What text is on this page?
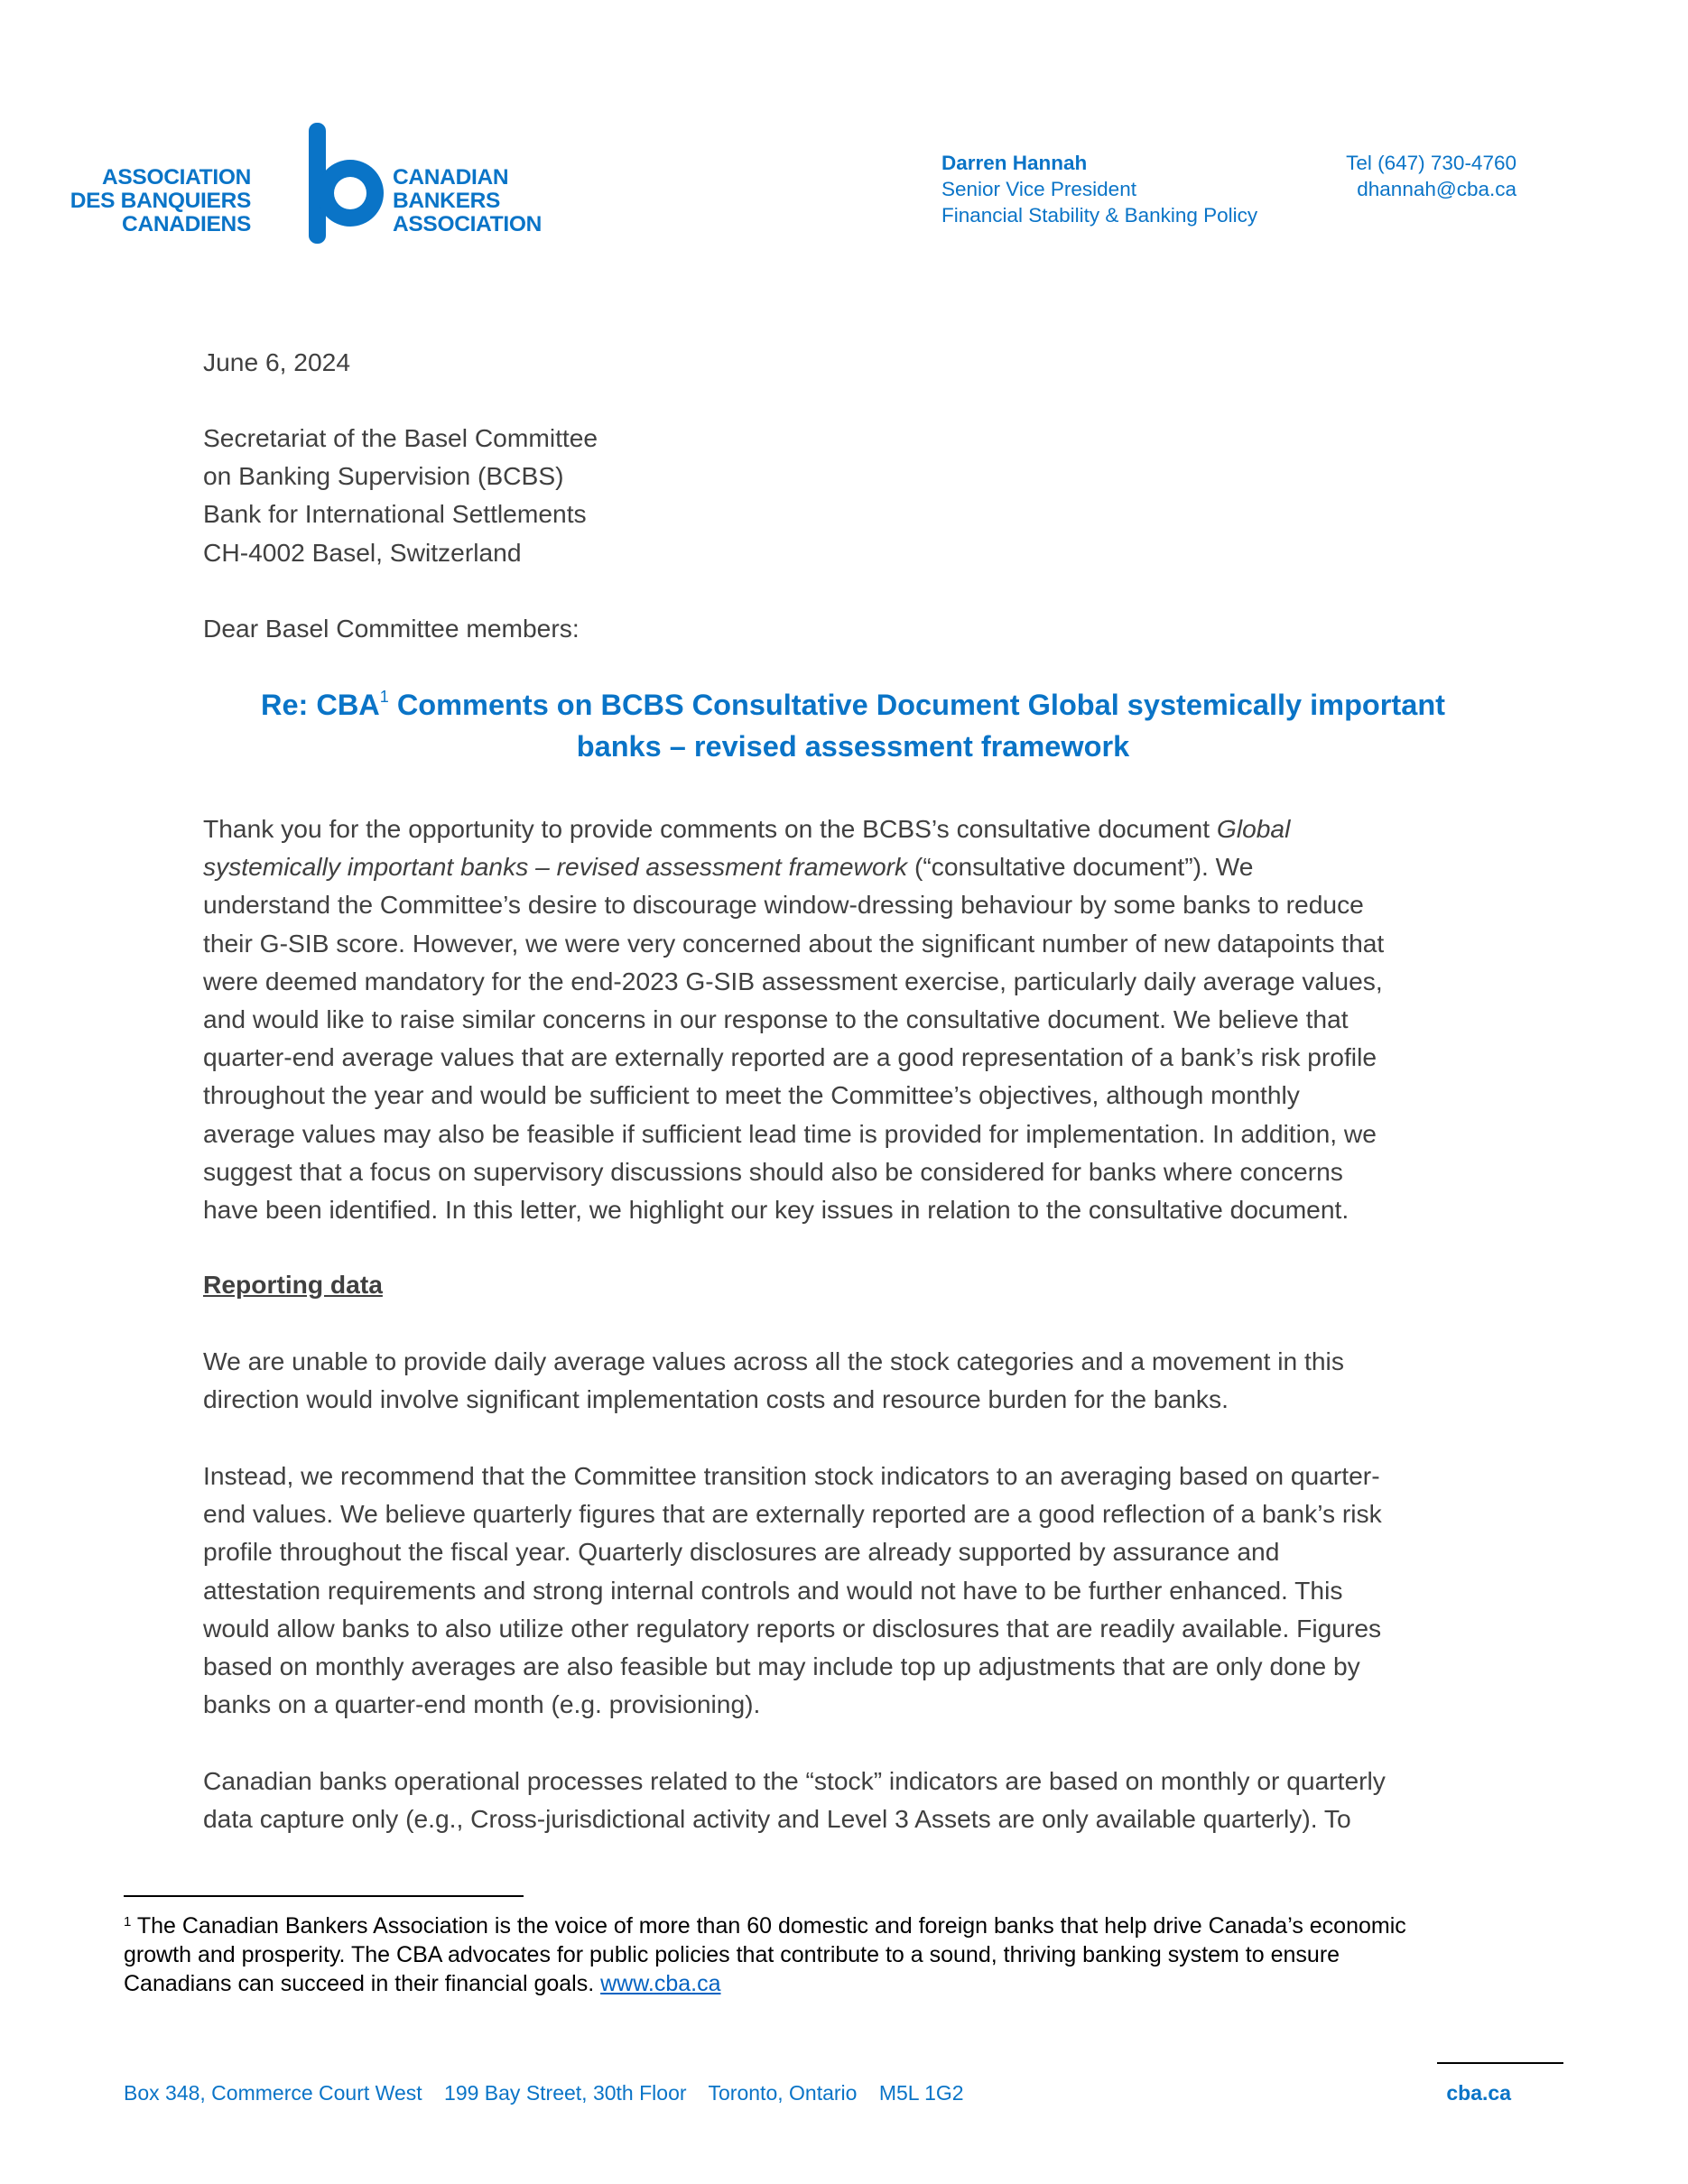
ASSOCIATION
DES BANQUIERS
CANADIENS
CANADIAN
BANKERS
ASSOCIATION
Darren Hannah
Senior Vice President
Financial Stability & Banking Policy
Tel (647) 730-4760
dhannah@cba.ca
June 6, 2024
Secretariat of the Basel Committee
on Banking Supervision (BCBS)
Bank for International Settlements
CH-4002 Basel, Switzerland
Dear Basel Committee members:
Re: CBA$^1$ Comments on BCBS Consultative Document Global systemically important
banks – revised assessment framework
Thank you for the opportunity to provide comments on the BCBS’s consultative document Global
systemically important banks – revised assessment framework (“consultative document”). We
understand the Committee’s desire to discourage window-dressing behaviour by some banks to reduce
their G-SIB score. However, we were very concerned about the significant number of new datapoints that
were deemed mandatory for the end-2023 G-SIB assessment exercise, particularly daily average values,
and would like to raise similar concerns in our response to the consultative document. We believe that
quarter-end average values that are externally reported are a good representation of a bank’s risk profile
throughout the year and would be sufficient to meet the Committee’s objectives, although monthly
average values may also be feasible if sufficient lead time is provided for implementation. In addition, we
suggest that a focus on supervisory discussions should also be considered for banks where concerns
have been identified. In this letter, we highlight our key issues in relation to the consultative document.
Reporting data
We are unable to provide daily average values across all the stock categories and a movement in this
direction would involve significant implementation costs and resource burden for the banks.
Instead, we recommend that the Committee transition stock indicators to an averaging based on quarter-
end values. We believe quarterly figures that are externally reported are a good reflection of a bank’s risk
profile throughout the fiscal year. Quarterly disclosures are already supported by assurance and
attestation requirements and strong internal controls and would not have to be further enhanced. This
would allow banks to also utilize other regulatory reports or disclosures that are readily available. Figures
based on monthly averages are also feasible but may include top up adjustments that are only done by
banks on a quarter-end month (e.g. provisioning).
Canadian banks operational processes related to the “stock” indicators are based on monthly or quarterly
data capture only (e.g., Cross-jurisdictional activity and Level 3 Assets are only available quarterly). To
$^1$ The Canadian Bankers Association is the voice of more than 60 domestic and foreign banks that help drive Canada’s economic
growth and prosperity. The CBA advocates for public policies that contribute to a sound, thriving banking system to ensure
Canadians can succeed in their financial goals. www.cba.ca
Box 348, Commerce Court West 199 Bay Street, 30th Floor Toronto, Ontario M5L 1G2	cba.ca
